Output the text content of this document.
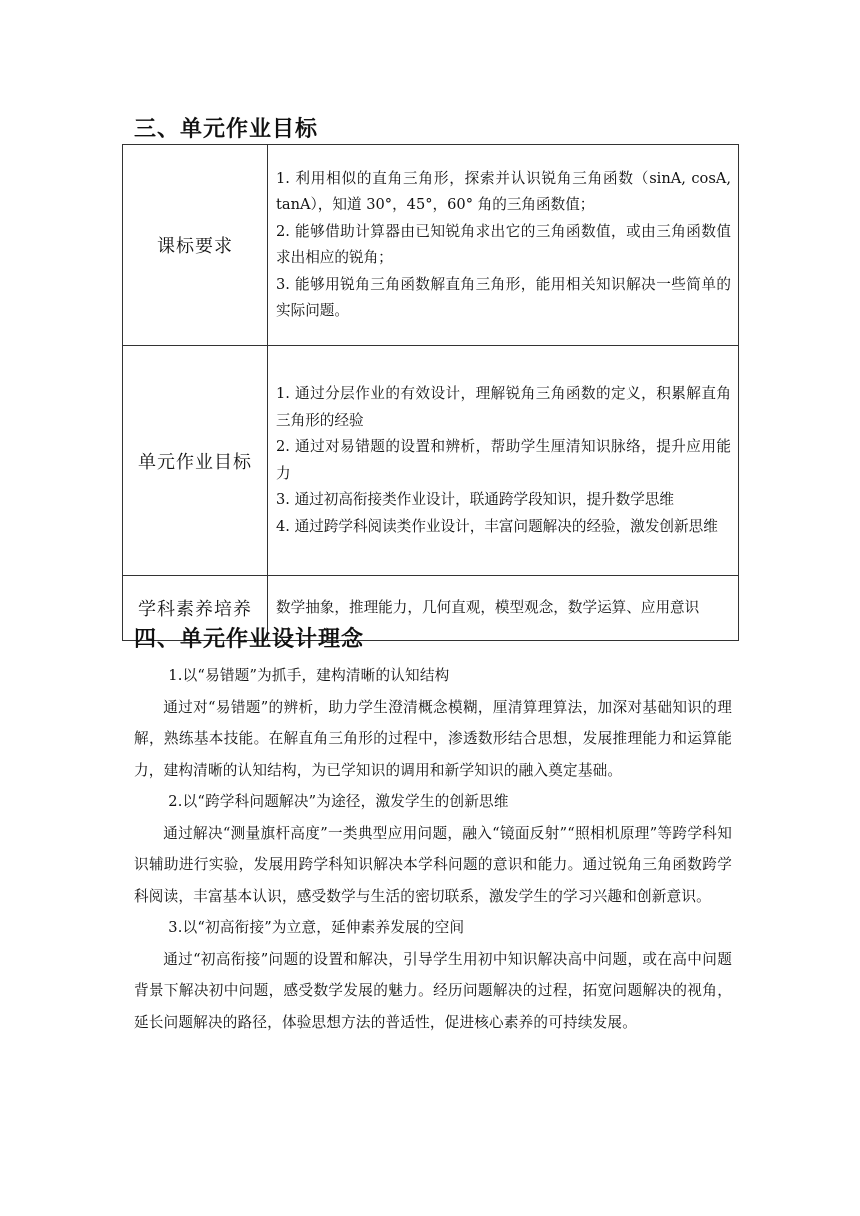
三、单元作业目标
课标要求	1. 利用相似的直角三角形，探索并认识锐角三角函数（sinA, cosA, tanA），知道 30°，45°，60° 角的三角函数值；

2. 能够借助计算器由已知锐角求出它的三角函数值，或由三角函数值求出相应的锐角；

3. 能够用锐角三角函数解直角三角形，能用相关知识解决一些简单的实际问题。

单元作业目标	1. 通过分层作业的有效设计，理解锐角三角函数的定义，积累解直角三角形的经验

2. 通过对易错题的设置和辨析，帮助学生厘清知识脉络，提升应用能力

3. 通过初高衔接类作业设计，联通跨学段知识，提升数学思维

4. 通过跨学科阅读类作业设计，丰富问题解决的经验，激发创新思维

学科素养培养	数学抽象，推理能力，几何直观，模型观念，数学运算、应用意识

四、单元作业设计理念

1.以“易错题”为抓手，建构清晰的认知结构

通过对“易错题”的辨析，助力学生澄清概念模糊，厘清算理算法，加深对基础知识的理解，熟练基本技能。在解直角三角形的过程中，渗透数形结合思想，发展推理能力和运算能力，建构清晰的认知结构，为已学知识的调用和新学知识的融入奠定基础。

2.以“跨学科问题解决”为途径，激发学生的创新思维

通过解决“测量旗杆高度”一类典型应用问题，融入“镜面反射”“照相机原理”等跨学科知识辅助进行实验，发展用跨学科知识解决本学科问题的意识和能力。通过锐角三角函数跨学科阅读，丰富基本认识，感受数学与生活的密切联系，激发学生的学习兴趣和创新意识。

3.以“初高衔接”为立意，延伸素养发展的空间

通过“初高衔接”问题的设置和解决，引导学生用初中知识解决高中问题，或在高中问题背景下解决初中问题，感受数学发展的魅力。经历问题解决的过程，拓宽问题解决的视角，延长问题解决的路径，体验思想方法的普适性，促进核心素养的可持续发展。
